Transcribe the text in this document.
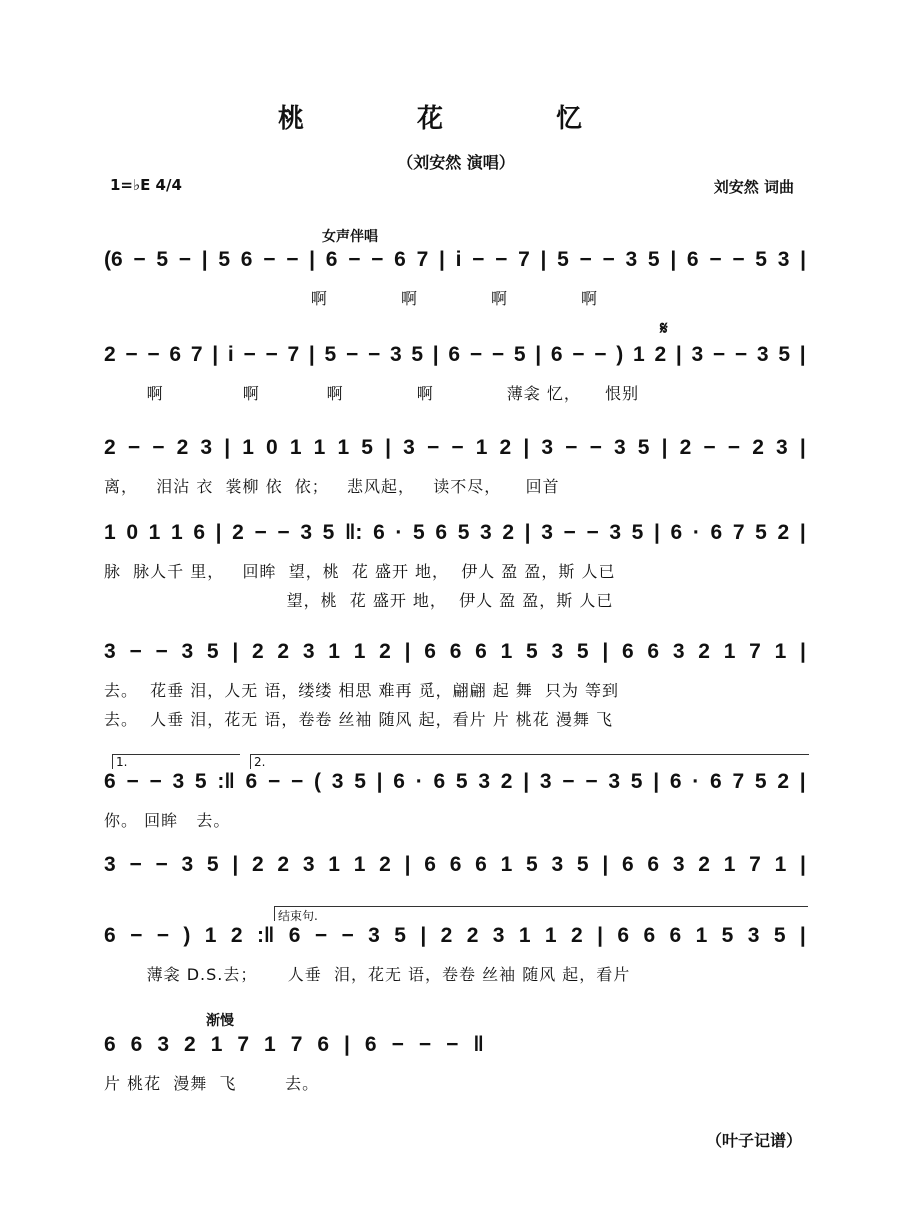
桃 花 忆
（刘安然 演唱）
1=♭E 4/4	刘安然 词曲
女声伴唱
𝄋
1.	2.
结束句.
渐慢
(6 − 5 − | 5 6 − − | 6 − − 6 7 | i − − 7 | 5 − − 3 5 | 6 − − 5 3 |
啊            啊            啊            啊
2 − − 6 7 | i − − 7 | 5 − − 3 5 | 6 − − 5 | 6 − − ) 1 2 | 3 − − 3 5 |
啊             啊           啊            啊            薄衾 忆，    恨别
2 − − 2 3 | 1 0 1 1 1 5 | 3 − − 1 2 | 3 − − 3 5 | 2 − − 2 3 |
离，   泪沾 衣  裳柳 依  依；   悲风起，   读不尽，    回首
1 0 1 1 6 | 2 − − 3 5 ‖: 6 · 5 6 5 3 2 | 3 − − 3 5 | 6 · 6 7 5 2 |
脉  脉人千 里，   回眸  望，桃  花 盛开 地，  伊人 盈 盈，斯 人已
望，桃  花 盛开 地，  伊人 盈 盈，斯 人已
3 − − 3 5 | 2 2 3 1 1 2 | 6 6 6 1 5 3 5 | 6 6 3 2 1 7 1 |
去。  花垂 泪，人无 语，缕缕 相思 难再 觅，翩翩 起 舞  只为 等到
去。  人垂 泪，花无 语，卷卷 丝袖 随风 起，看片 片 桃花 漫舞 飞
6 − − 3 5 :‖ 6 − − ( 3 5 | 6 · 6 5 3 2 | 3 − − 3 5 | 6 · 6 7 5 2 |
你。 回眸   去。
3 − − 3 5 | 2 2 3 1 1 2 | 6 6 6 1 5 3 5 | 6 6 3 2 1 7 1 |
6 − − ) 1 2 :‖ 6 − − 3 5 | 2 2 3 1 1 2 | 6 6 6 1 5 3 5 |
薄衾 D.S.去；     人垂  泪，花无 语，卷卷 丝袖 随风 起，看片
6 6 3 2 1 7 1 7 6 | 6 − − − ‖
片 桃花  漫舞  飞        去。
（叶子记谱）
